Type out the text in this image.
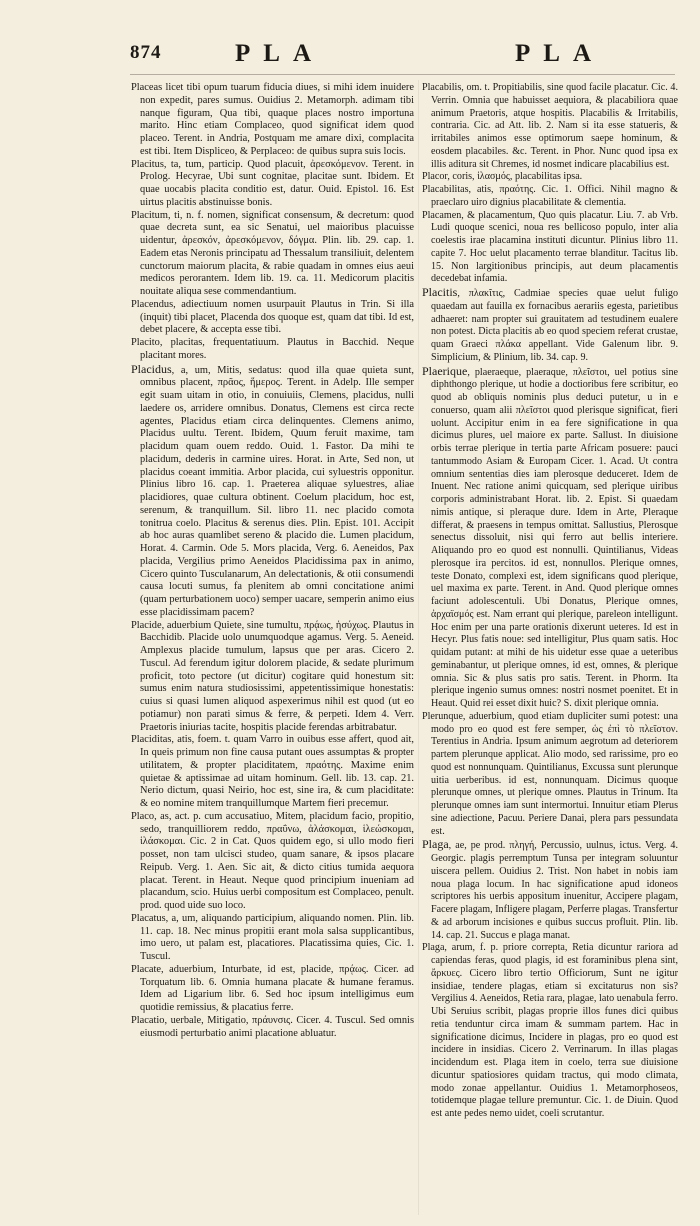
874	PLA	PLA

Placeas licet tibi opum tuarum fiducia diues, si mihi idem inuidere non expedit, pares sumus. Ouidius 2. Metamorph. adimam tibi nanque figuram, Qua tibi, quaque places nostro importuna marito. Hinc etiam Complaceo, quod significat idem quod placeo. Terent. in Andria, Postquam me amare dixi, complacita est tibi. Item Displiceo, & Perplaceo: de quibus supra suis locis.

Placitus, ta, tum, particip. Quod placuit, ἀρεσκόμενον. Terent. in Prolog. Hecyrae, Ubi sunt cognitae, placitae sunt. Ibidem. Et quae uocabis placita conditio est, datur. Ouid. Epistol. 16. Est uirtus placitis abstinuisse bonis.

Placitum, ti, n. f. nomen, significat consensum, & decretum: quod quae decreta sunt, ea sic Senatui, uel maioribus placuisse uidentur, ἀρεσκόν, ἀρεσκόμενον, δόγμα. Plin. lib. 29. cap. 1. Eadem etas Neronis principatu ad Thessalum transiliuit, delentem cunctorum maiorum placita, & rabie quadam in omnes eius aeui medicos perorantem. Idem lib. 19. ca. 11. Medicorum placitis nouitate aliqua sese commendantium.

Placendus, adiectiuum nomen usurpauit Plautus in Trin. Si illa (inquit) tibi placet, Placenda dos quoque est, quam dat tibi. Id est, debet placere, & accepta esse tibi.

Placito, placitas, frequentatiuum. Plautus in Bacchid. Neque placitant mores.

Placidus, a, um, Mitis, sedatus: quod illa quae quieta sunt, omnibus placent, πρᾶος, ἥμερος. Terent. in Adelp. Ille semper egit suam uitam in otio, in conuiuiis, Clemens, placidus, nulli laedere os, arridere omnibus. Donatus, Clemens est circa recte agentes, Placidus etiam circa delinquentes. Clemens animo, Placidus uultu. Terent. Ibidem, Quum feruit maxime, tam placidum quam ouem reddo. Ouid. 1. Fastor. Da mihi te placidum, dederis in carmine uires. Horat. in Arte, Sed non, ut placidus coeant immitia. Arbor placida, cui syluestris opponitur. Plinius libro 16. cap. 1. Praeterea aliquae syluestres, aliae placidiores, quae cultura obtinent. Coelum placidum, hoc est, serenum, & tranquillum. Sil. libro 11. nec placido comota tonitrua coelo. Placitus & serenus dies. Plin. Epist. 101. Accipit ab hoc auras quamlibet sereno & placido die. Lumen placidum, Horat. 4. Carmin. Ode 5. Mors placida, Verg. 6. Aeneidos, Pax placida, Vergilius primo Aeneidos Placidissima pax in animo, Cicero quinto Tusculanarum, An delectationis, & otii consumendi causa locuti sumus, fa plenitem ab omni concitatione animi (quam perturbationem uoco) semper uacare, semperin animo eius esse placidissimam pacem?

Placide, aduerbium Quiete, sine tumultu, πρᾴως, ἡσύχως. Plautus in Bacchidib. Placide uolo unumquodque agamus. Verg. 5. Aeneid. Amplexus placide tumulum, lapsus que per aras. Cicero 2. Tuscul. Ad ferendum igitur dolorem placide, & sedate plurimum proficit, toto pectore (ut dicitur) cogitare quid honestum sit: sumus enim natura studiosissimi, appetentissimique honestatis: cuius si quasi lumen aliquod aspexerimus nihil est quod (ut eo potiamur) non parati simus & ferre, & perpeti. Idem 4. Verr. Praetoris iniurias tacite, hospitis placide ferendas arbitrabatur.

Placiditas, atis, foem. t. quam Varro in ouibus esse affert, quod ait, In queis primum non fine causa putant oues assumptas & propter utilitatem, & propter placiditatem, πραότης. Maxime enim quietae & aptissimae ad uitam hominum. Gell. lib. 13. cap. 21. Nerio dictum, quasi Neirio, hoc est, sine ira, & cum placiditate: & eo nomine mitem tranquillumque Martem fieri precemur.

Placo, as, act. p. cum accusatiuo, Mitem, placidum facio, propitio, sedo, tranquilliorem reddo, πραΰνω, ἀλάσκομαι, ἱλεώσκομαι, ἱλάσκομαι. Cic. 2 in Cat. Quos quidem ego, si ullo modo fieri posset, non tam ulcisci studeo, quam sanare, & ipsos placare Reipub. Verg. 1. Aen. Sic ait, & dicto citius tumida aequora placat. Terent. in Heaut. Neque quod principium inueniam ad placandum, scio. Huius uerbi compositum est Complaceo, penult. prod. quod uide suo loco.

Placatus, a, um, aliquando participium, aliquando nomen. Plin. lib. 11. cap. 18. Nec minus propitii erant mola salsa supplicantibus, imo uero, ut palam est, placatiores. Placatissima quies, Cic. 1. Tuscul.

Placate, aduerbium, Inturbate, id est, placide, πρᾴως. Cicer. ad Torquatum lib. 6. Omnia humana placate & humane feramus. Idem ad Ligarium libr. 6. Sed hoc ipsum intelligimus eum quotidie remissius, & placatius ferre.

Placatio, uerbale, Mitigatio, πράυνσις. Cicer. 4. Tuscul. Sed omnis eiusmodi perturbatio animi placatione abluatur.

Placabilis, om. t. Propitiabilis, sine quod facile placatur. Cic. 4. Verrin. Omnia que habuisset aequiora, & placabiliora quae animum Praetoris, atque hospitis. Placabilis & Irritabilis, contraria. Cic. ad Att. lib. 2. Nam si ita esse statueris, & irritabiles animos esse optimorum saepe hominum, & eosdem placabiles. &c. Terent. in Phor. Nunc quod ipsa ex illis aditura sit Chremes, id nosmet indicare placabilius est.

Placor, coris, ἱλασμός, placabilitas ipsa.

Placabilitas, atis, πραότης. Cic. 1. Offici. Nihil magno & praeclaro uiro dignius placabilitate & clementia.

Placamen, & placamentum, Quo quis placatur. Liu. 7. ab Vrb. Ludi quoque scenici, noua res bellicoso populo, inter alia coelestis irae placamina instituti dicuntur. Plinius libro 11. capite 7. Hoc uelut placamento terrae blanditur. Tacitus lib. 15. Non largitionibus principis, aut deum placamentis decedebat infamia.

Placitis, πλακῖτις, Cadmiae species quae uelut fuligo quaedam aut fauilla ex fornacibus aerariis egesta, parietibus adhaeret: nam propter sui grauitatem ad testudinem eualere non potest. Dicta placitis ab eo quod speciem referat crustae, quam Graeci πλάκα appellant. Vide Galenum libr. 9. Simplicium, & Plinium, lib. 34. cap. 9.

Plaerique, plaeraeque, plaeraque, πλεῖστοι, uel potius sine diphthongo plerique, ut hodie a doctioribus fere scribitur, eo quod ab obliquis nominis plus deduci putetur, u in e conuerso, quam alii πλεῖστοι quod plerisque significat, fieri uolunt. Accipitur enim in ea fere significatione in qua dicimus plures, uel maiore ex parte. Sallust. In diuisione orbis terrae plerique in tertia parte Africam posuere: pauci tantummodo Asiam & Europam Cicer. 1. Acad. Ut contra omnium sententias dies iam plerosque deduceret. Idem de Inuent. Nec ratione animi quicquam, sed plerique uiribus corporis administrabant Horat. lib. 2. Epist. Si quaedam nimis antique, si pleraque dure. Idem in Arte, Pleraque differat, & praesens in tempus omittat. Sallustius, Plerosque senectus dissoluit, nisi qui ferro aut bellis interiere. Aliquando pro eo quod est nonnulli. Quintilianus, Videas plerosque ira percitos. id est, nonnullos. Plerique omnes, teste Donato, complexi est, idem significans quod plerique, uel maxima ex parte. Terent. in And. Quod plerique omnes faciunt adolescentuli. Ubi Donatus, Plerique omnes, ἀρχαϊσμός est. Nam errant qui plerique, pareleon intelligunt. Hoc enim per una parte orationis dixerunt ueteres. Id est in Hecyr. Plus fatis noue: sed intelligitur, Plus quam satis. Hoc quidam putant: at mihi de his uidetur esse quae a ueteribus geminabantur, ut plerique omnes, id est, omnes, & plerique omnia. Sic & plus satis pro satis. Terent. in Phorm. Ita plerique ingenio sumus omnes: nostri nosmet poenitet. Et in Heaut. Quid rei esset dixit huic? S. dixit plerique omnia.

Plerunque, aduerbium, quod etiam dupliciter sumi potest: una modo pro eo quod est fere semper, ὡς ἐπὶ τὸ πλεῖστον. Terentius in Andria. Ipsum animum aegrotum ad deteriorem partem plerunque applicat. Alio modo, sed rarissime, pro eo quod est nonnunquam. Quintilianus, Excussa sunt plerunque uitia uerberibus. id est, nonnunquam. Dicimus quoque plerunque omnes, ut plerique omnes. Plautus in Trinum. Ita plerunque omnes iam sunt intermortui. Innuitur etiam Plerus sine adiectione, Pacuu. Periere Danai, plera pars pessundata est.

Plaga, ae, pe prod. πληγή, Percussio, uulnus, ictus. Verg. 4. Georgic. plagis perremptum Tunsa per integram soluuntur uiscera pellem. Ouidius 2. Trist. Non habet in nobis iam noua plaga locum. In hac significatione apud idoneos scriptores his uerbis appositum inuenitur, Accipere plagam, Facere plagam, Infligere plagam, Perferre plagas. Transfertur & ad arborum incisiones e quibus succus profluit. Plin. lib. 14. cap. 21. Succus e plaga manat.

Plaga, arum, f. p. priore correpta, Retia dicuntur rariora ad capiendas feras, quod plagis, id est foraminibus plena sint, ἄρκυες. Cicero libro tertio Officiorum, Sunt ne igitur insidiae, tendere plagas, etiam si excitaturus non sis? Vergilius 4. Aeneidos, Retia rara, plagae, lato uenabula ferro. Ubi Seruius scribit, plagas proprie illos funes dici quibus retia tenduntur circa imam & summam partem. Hac in significatione dicimus, Incidere in plagas, pro eo quod est incidere in insidias. Cicero 2. Verrinarum. In illas plagas incidendum est. Plaga item in coelo, terra sue diuisione dicuntur spatiosiores quidam tractus, qui modo climata, modo zonae appellantur. Ouidius 1. Metamorphoseos, totidemque plagae tellure premuntur. Cic. 1. de Diuin. Quod est ante pedes nemo uidet, coeli scrutantur.
